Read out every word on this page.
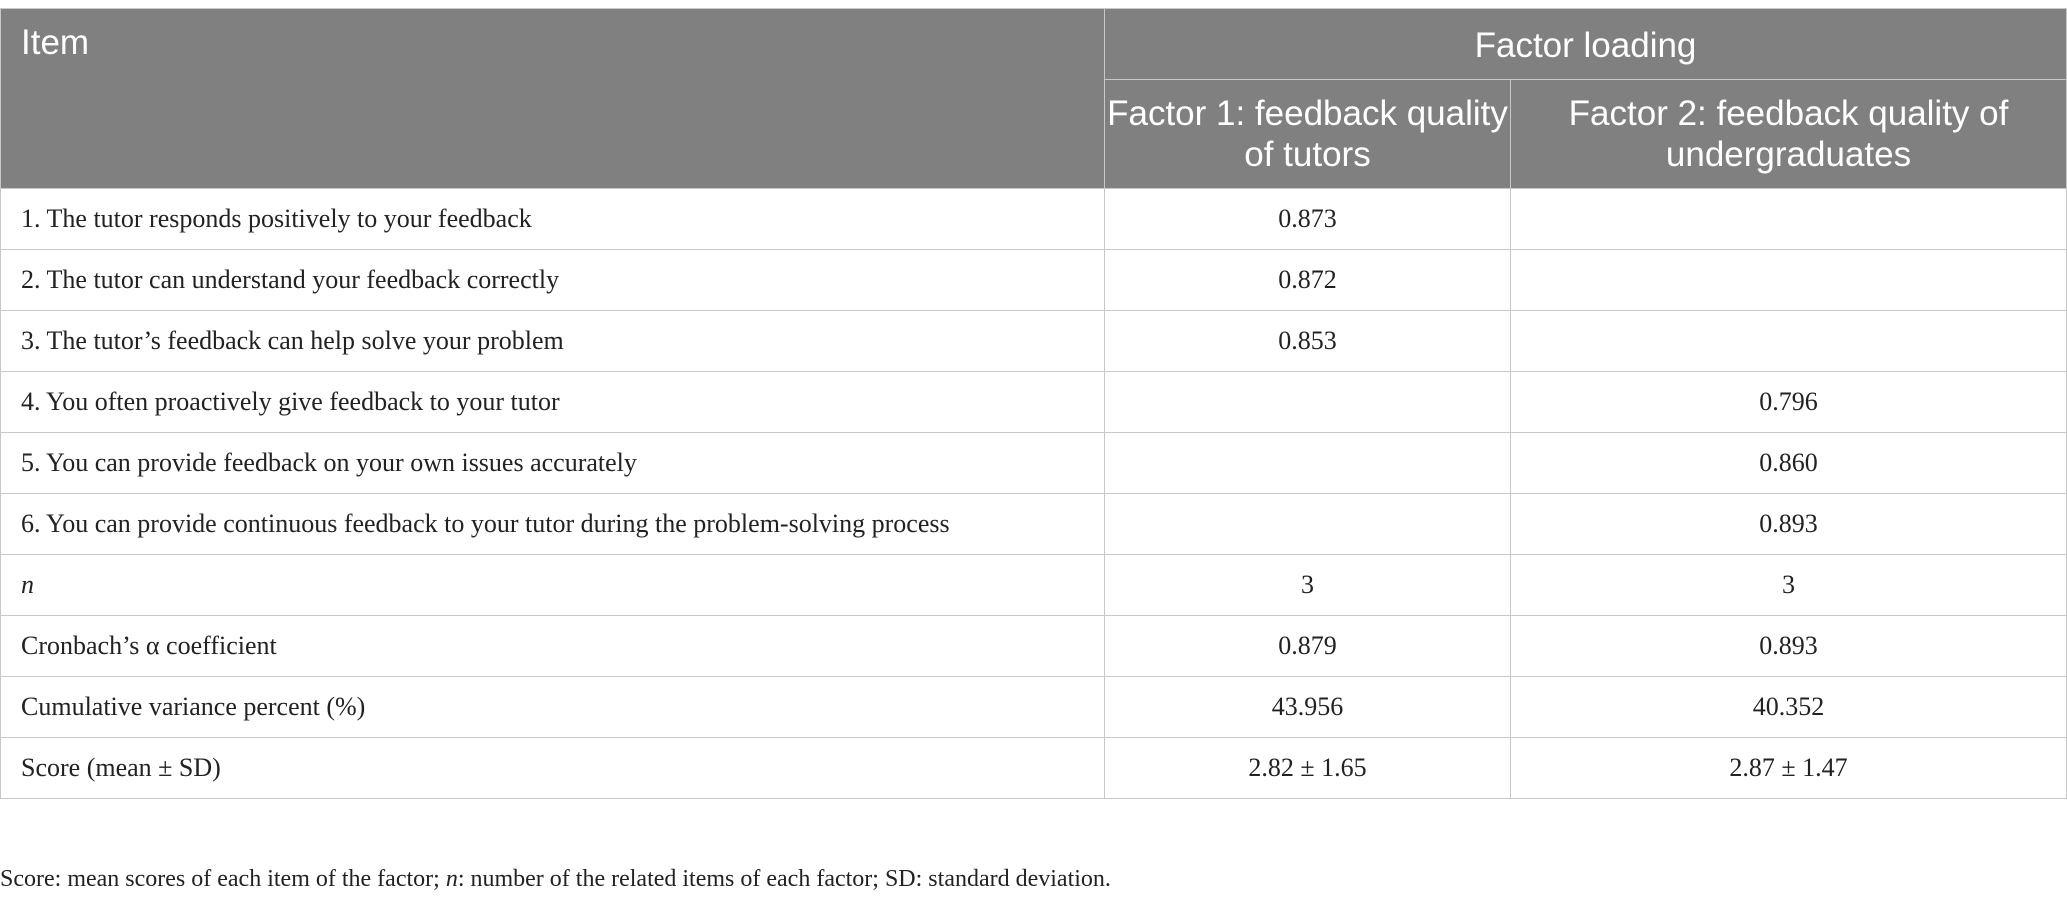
Item	Factor loading	
	Factor 1: feedback quality of tutors	Factor 2: feedback quality of undergraduates
1. The tutor responds positively to your feedback	0.873	
2. The tutor can understand your feedback correctly	0.872	
3. The tutor’s feedback can help solve your problem	0.853	
4. You often proactively give feedback to your tutor		0.796
5. You can provide feedback on your own issues accurately		0.860
6. You can provide continuous feedback to your tutor during the problem-solving process		0.893
n	3	3
Cronbach’s α coefficient	0.879	0.893
Cumulative variance percent (%)	43.956	40.352
Score (mean ± SD)	2.82 ± 1.65	2.87 ± 1.47
Score: mean scores of each item of the factor; n: number of the related items of each factor; SD: standard deviation.
